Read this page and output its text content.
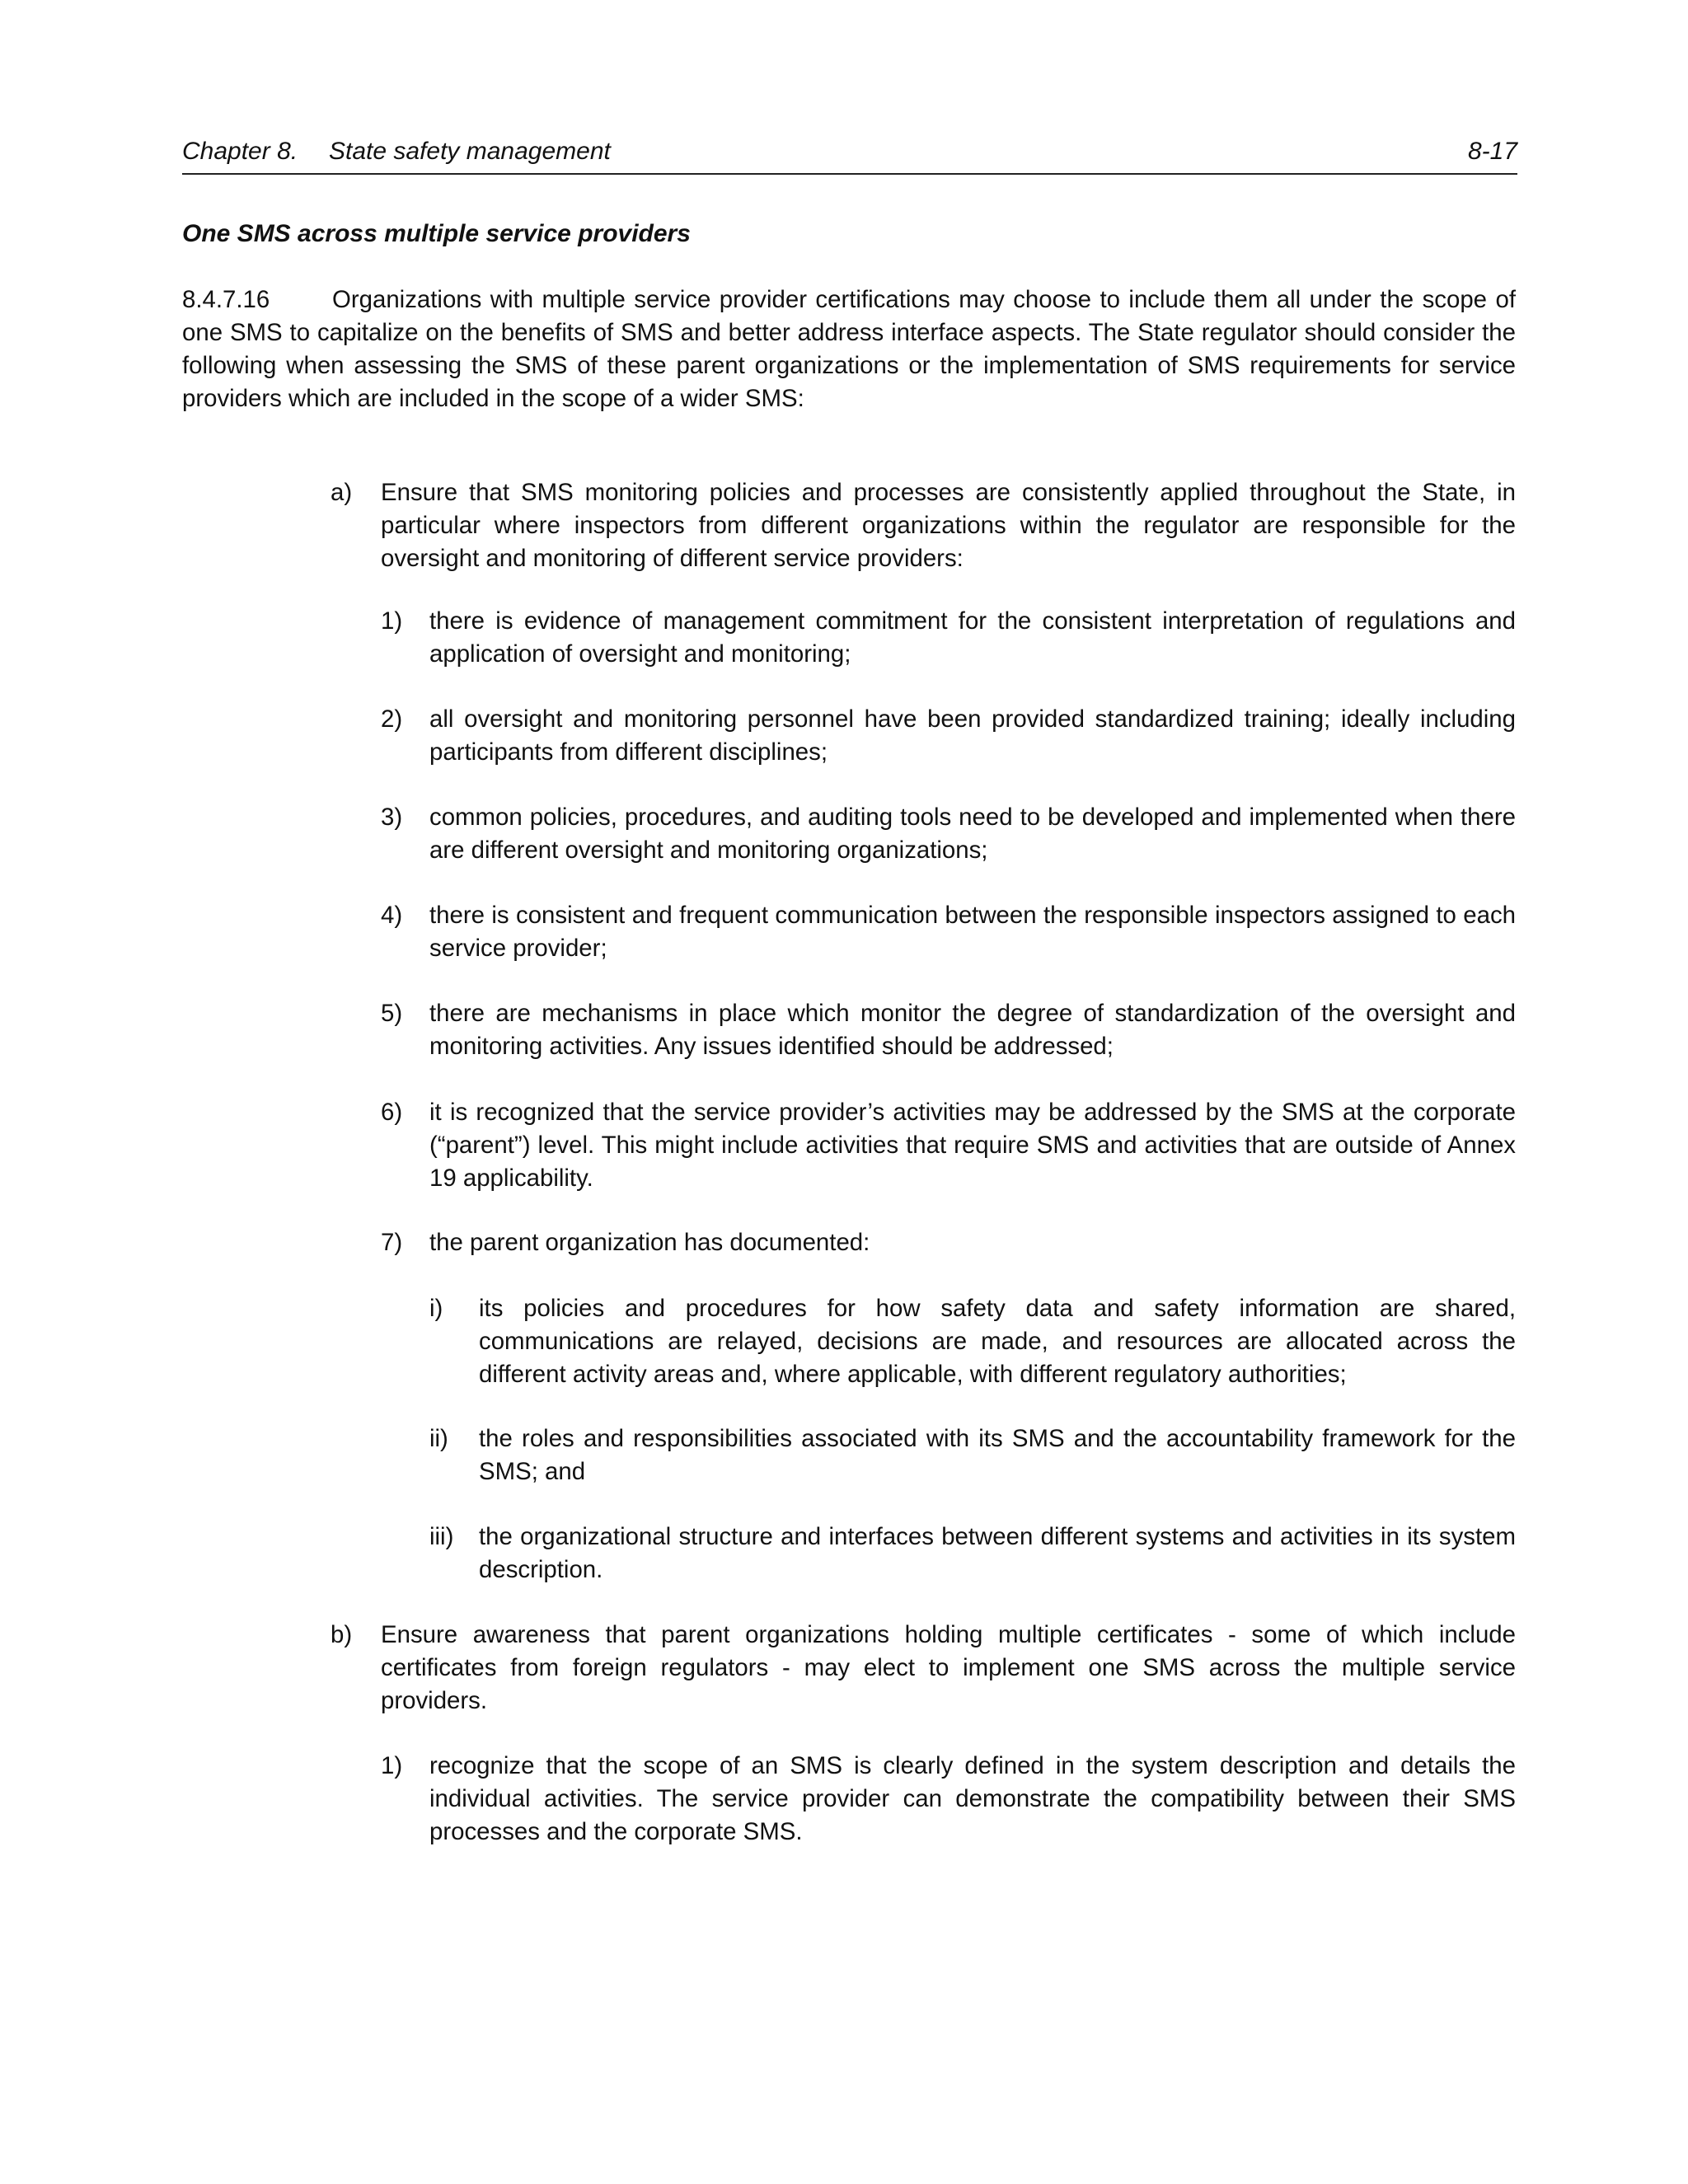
Chapter 8. State safety management	8-17
One SMS across multiple service providers
8.4.7.16	Organizations with multiple service provider certifications may choose to include them all under the scope of one SMS to capitalize on the benefits of SMS and better address interface aspects. The State regulator should consider the following when assessing the SMS of these parent organizations or the implementation of SMS requirements for service providers which are included in the scope of a wider SMS:
a) Ensure that SMS monitoring policies and processes are consistently applied throughout the State, in particular where inspectors from different organizations within the regulator are responsible for the oversight and monitoring of different service providers:
1) there is evidence of management commitment for the consistent interpretation of regulations and application of oversight and monitoring;
2) all oversight and monitoring personnel have been provided standardized training; ideally including participants from different disciplines;
3) common policies, procedures, and auditing tools need to be developed and implemented when there are different oversight and monitoring organizations;
4) there is consistent and frequent communication between the responsible inspectors assigned to each service provider;
5) there are mechanisms in place which monitor the degree of standardization of the oversight and monitoring activities. Any issues identified should be addressed;
6) it is recognized that the service provider’s activities may be addressed by the SMS at the corporate (“parent”) level. This might include activities that require SMS and activities that are outside of Annex 19 applicability.
7) the parent organization has documented:
i) its policies and procedures for how safety data and safety information are shared, communications are relayed, decisions are made, and resources are allocated across the different activity areas and, where applicable, with different regulatory authorities;
ii) the roles and responsibilities associated with its SMS and the accountability framework for the SMS; and
iii) the organizational structure and interfaces between different systems and activities in its system description.
b) Ensure awareness that parent organizations holding multiple certificates - some of which include certificates from foreign regulators - may elect to implement one SMS across the multiple service providers.
1) recognize that the scope of an SMS is clearly defined in the system description and details the individual activities. The service provider can demonstrate the compatibility between their SMS processes and the corporate SMS.
